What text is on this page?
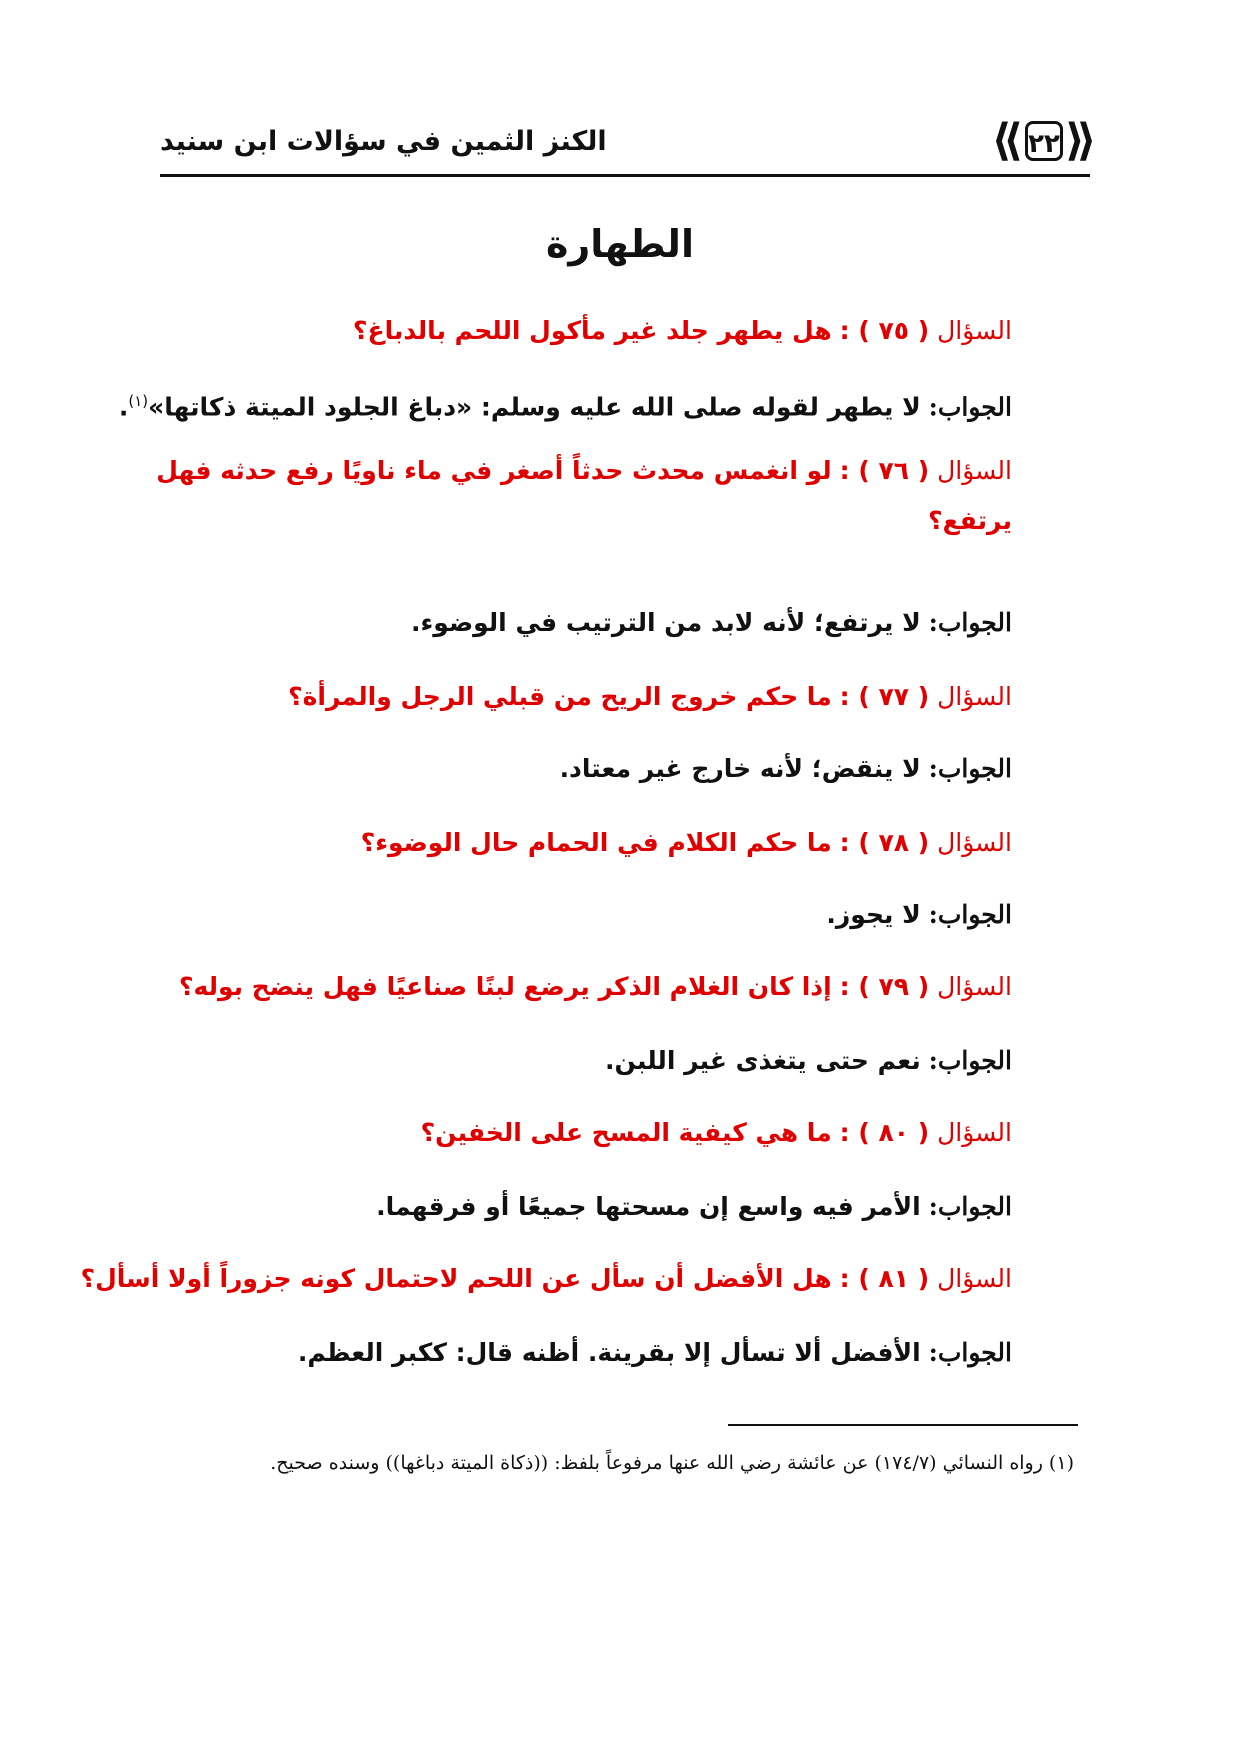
الكنز الثمين في سؤالات ابن سنيد	⟪ ٢٢ ⟫
الطهارة
السؤال ( ٧٥ ) : هل يطهر جلد غير مأكول اللحم بالدباغ؟
الجواب: لا يطهر لقوله صلى الله عليه وسلم: «دباغ الجلود الميتة ذكاتها»$^{(١)}$.
السؤال ( ٧٦ ) : لو انغمس محدث حدثاً أصغر في ماء ناويًا رفع حدثه فهل يرتفع؟
الجواب: لا يرتفع؛ لأنه لابد من الترتيب في الوضوء.
السؤال ( ٧٧ ) : ما حكم خروج الريح من قبلي الرجل والمرأة؟
الجواب: لا ينقض؛ لأنه خارج غير معتاد.
السؤال ( ٧٨ ) : ما حكم الكلام في الحمام حال الوضوء؟
الجواب: لا يجوز.
السؤال ( ٧٩ ) : إذا كان الغلام الذكر يرضع لبنًا صناعيًا فهل ينضح بوله؟
الجواب: نعم حتى يتغذى غير اللبن.
السؤال ( ٨٠ ) : ما هي كيفية المسح على الخفين؟
الجواب: الأمر فيه واسع إن مسحتها جميعًا أو فرقهما.
السؤال ( ٨١ ) : هل الأفضل أن سأل عن اللحم لاحتمال كونه جزوراً أولا أسأل؟
الجواب: الأفضل ألا تسأل إلا بقرينة. أظنه قال: ككبر العظم.
(١) رواه النسائي (١٧٤/٧) عن عائشة رضي الله عنها مرفوعاً بلفظ: ((ذكاة الميتة دباغها)) وسنده صحيح.
